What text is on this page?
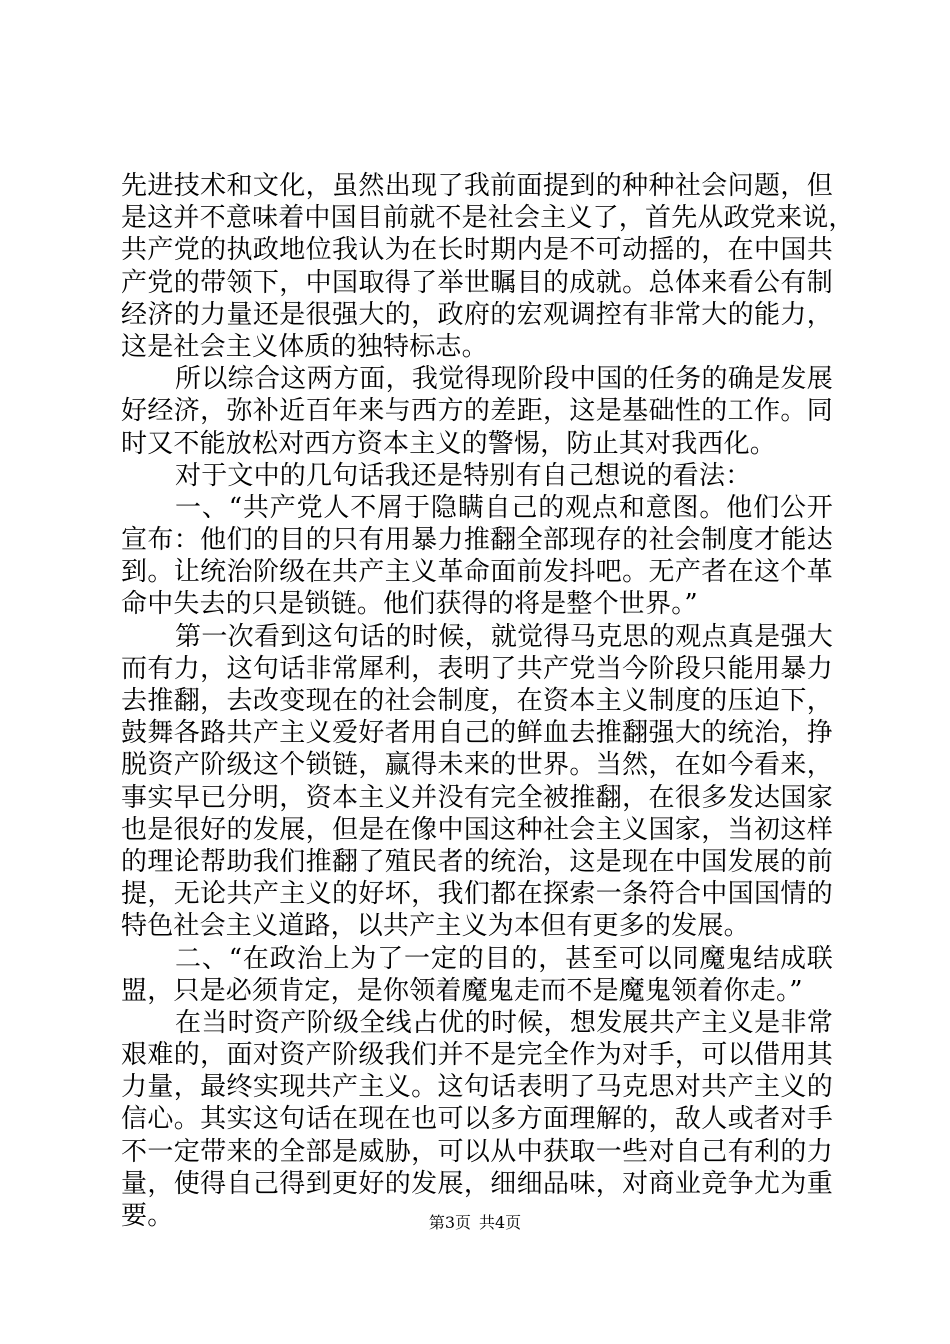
先进技术和文化，虽然出现了我前面提到的种种社会问题，但
是这并不意味着中国目前就不是社会主义了，首先从政党来说，
共产党的执政地位我认为在长时期内是不可动摇的，在中国共
产党的带领下，中国取得了举世瞩目的成就。总体来看公有制
经济的力量还是很强大的，政府的宏观调控有非常大的能力，
这是社会主义体质的独特标志。
所以综合这两方面，我觉得现阶段中国的任务的确是发展
好经济，弥补近百年来与西方的差距，这是基础性的工作。同
时又不能放松对西方资本主义的警惕，防止其对我西化。
对于文中的几句话我还是特别有自己想说的看法：
一、“共产党人不屑于隐瞒自己的观点和意图。他们公开
宣布：他们的目的只有用暴力推翻全部现存的社会制度才能达
到。让统治阶级在共产主义革命面前发抖吧。无产者在这个革
命中失去的只是锁链。他们获得的将是整个世界。”
第一次看到这句话的时候，就觉得马克思的观点真是强大
而有力，这句话非常犀利，表明了共产党当今阶段只能用暴力
去推翻，去改变现在的社会制度，在资本主义制度的压迫下，
鼓舞各路共产主义爱好者用自己的鲜血去推翻强大的统治，挣
脱资产阶级这个锁链，赢得未来的世界。当然，在如今看来，
事实早已分明，资本主义并没有完全被推翻，在很多发达国家
也是很好的发展，但是在像中国这种社会主义国家，当初这样
的理论帮助我们推翻了殖民者的统治，这是现在中国发展的前
提，无论共产主义的好坏，我们都在探索一条符合中国国情的
特色社会主义道路，以共产主义为本但有更多的发展。
二、“在政治上为了一定的目的，甚至可以同魔鬼结成联
盟，只是必须肯定，是你领着魔鬼走而不是魔鬼领着你走。”
在当时资产阶级全线占优的时候，想发展共产主义是非常
艰难的，面对资产阶级我们并不是完全作为对手，可以借用其
力量，最终实现共产主义。这句话表明了马克思对共产主义的
信心。其实这句话在现在也可以多方面理解的，敌人或者对手
不一定带来的全部是威胁，可以从中获取一些对自己有利的力
量，使得自己得到更好的发展，细细品味，对商业竞争尤为重
要。	第3页 共4页
